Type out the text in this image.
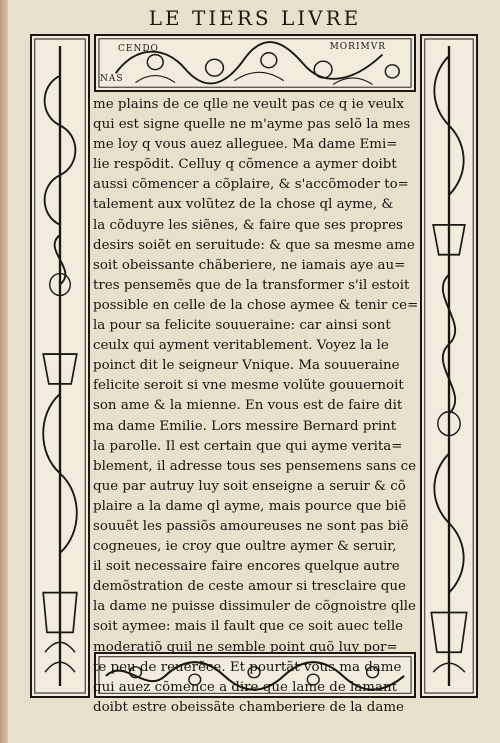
LE TIERS LIVRE
CENDO	MORIMVR
NAS
me plains de ce qlle ne veult pas ce q ie veulx
qui est signe quelle ne m'ayme pas selõ la mes
me loy q vous auez alleguee. Ma dame Emi=
lie respõdit. Celluy q cõmence a aymer doibt
aussi cõmencer a cõplaire, & s'accõmoder to=
talement aux volũtez de la chose ql ayme, &
la cõduyre les siẽnes, & faire que ses propres
desirs soiẽt en seruitude: & que sa mesme ame
soit obeissante chãberiere, ne iamais aye au=
tres pensemẽs que de la transformer s'il estoit
possible en celle de la chose aymee & tenir ce=
la pour sa felicite souueraine: car ainsi sont
ceulx qui ayment veritablement. Voyez la le
poinct dit le seigneur Vnique. Ma souueraine
felicite seroit si vne mesme volũte gouuernoit
son ame & la mienne. En vous est de faire dit
ma dame Emilie. Lors messire Bernard print
la parolle. Il est certain que qui ayme verita=
blement, il adresse tous ses pensemens sans ce
que par autruy luy soit enseigne a seruir & cõ
plaire a la dame ql ayme, mais pource que biẽ
souuẽt les passiõs amoureuses ne sont pas biẽ
cogneues, ie croy que oultre aymer & seruir,
il soit necessaire faire encores quelque autre
demõstration de ceste amour si tresclaire que
la dame ne puisse dissimuler de cõgnoistre qlle
soit aymee: mais il fault que ce soit auec telle
moderatiõ quil ne semble point quõ luy por=
te peu de reuerẽce. Et pourtãt vous ma dame
qui auez cõmence a dire que lame de lamant
doibt estre obeissãte chamberiere de la dame
